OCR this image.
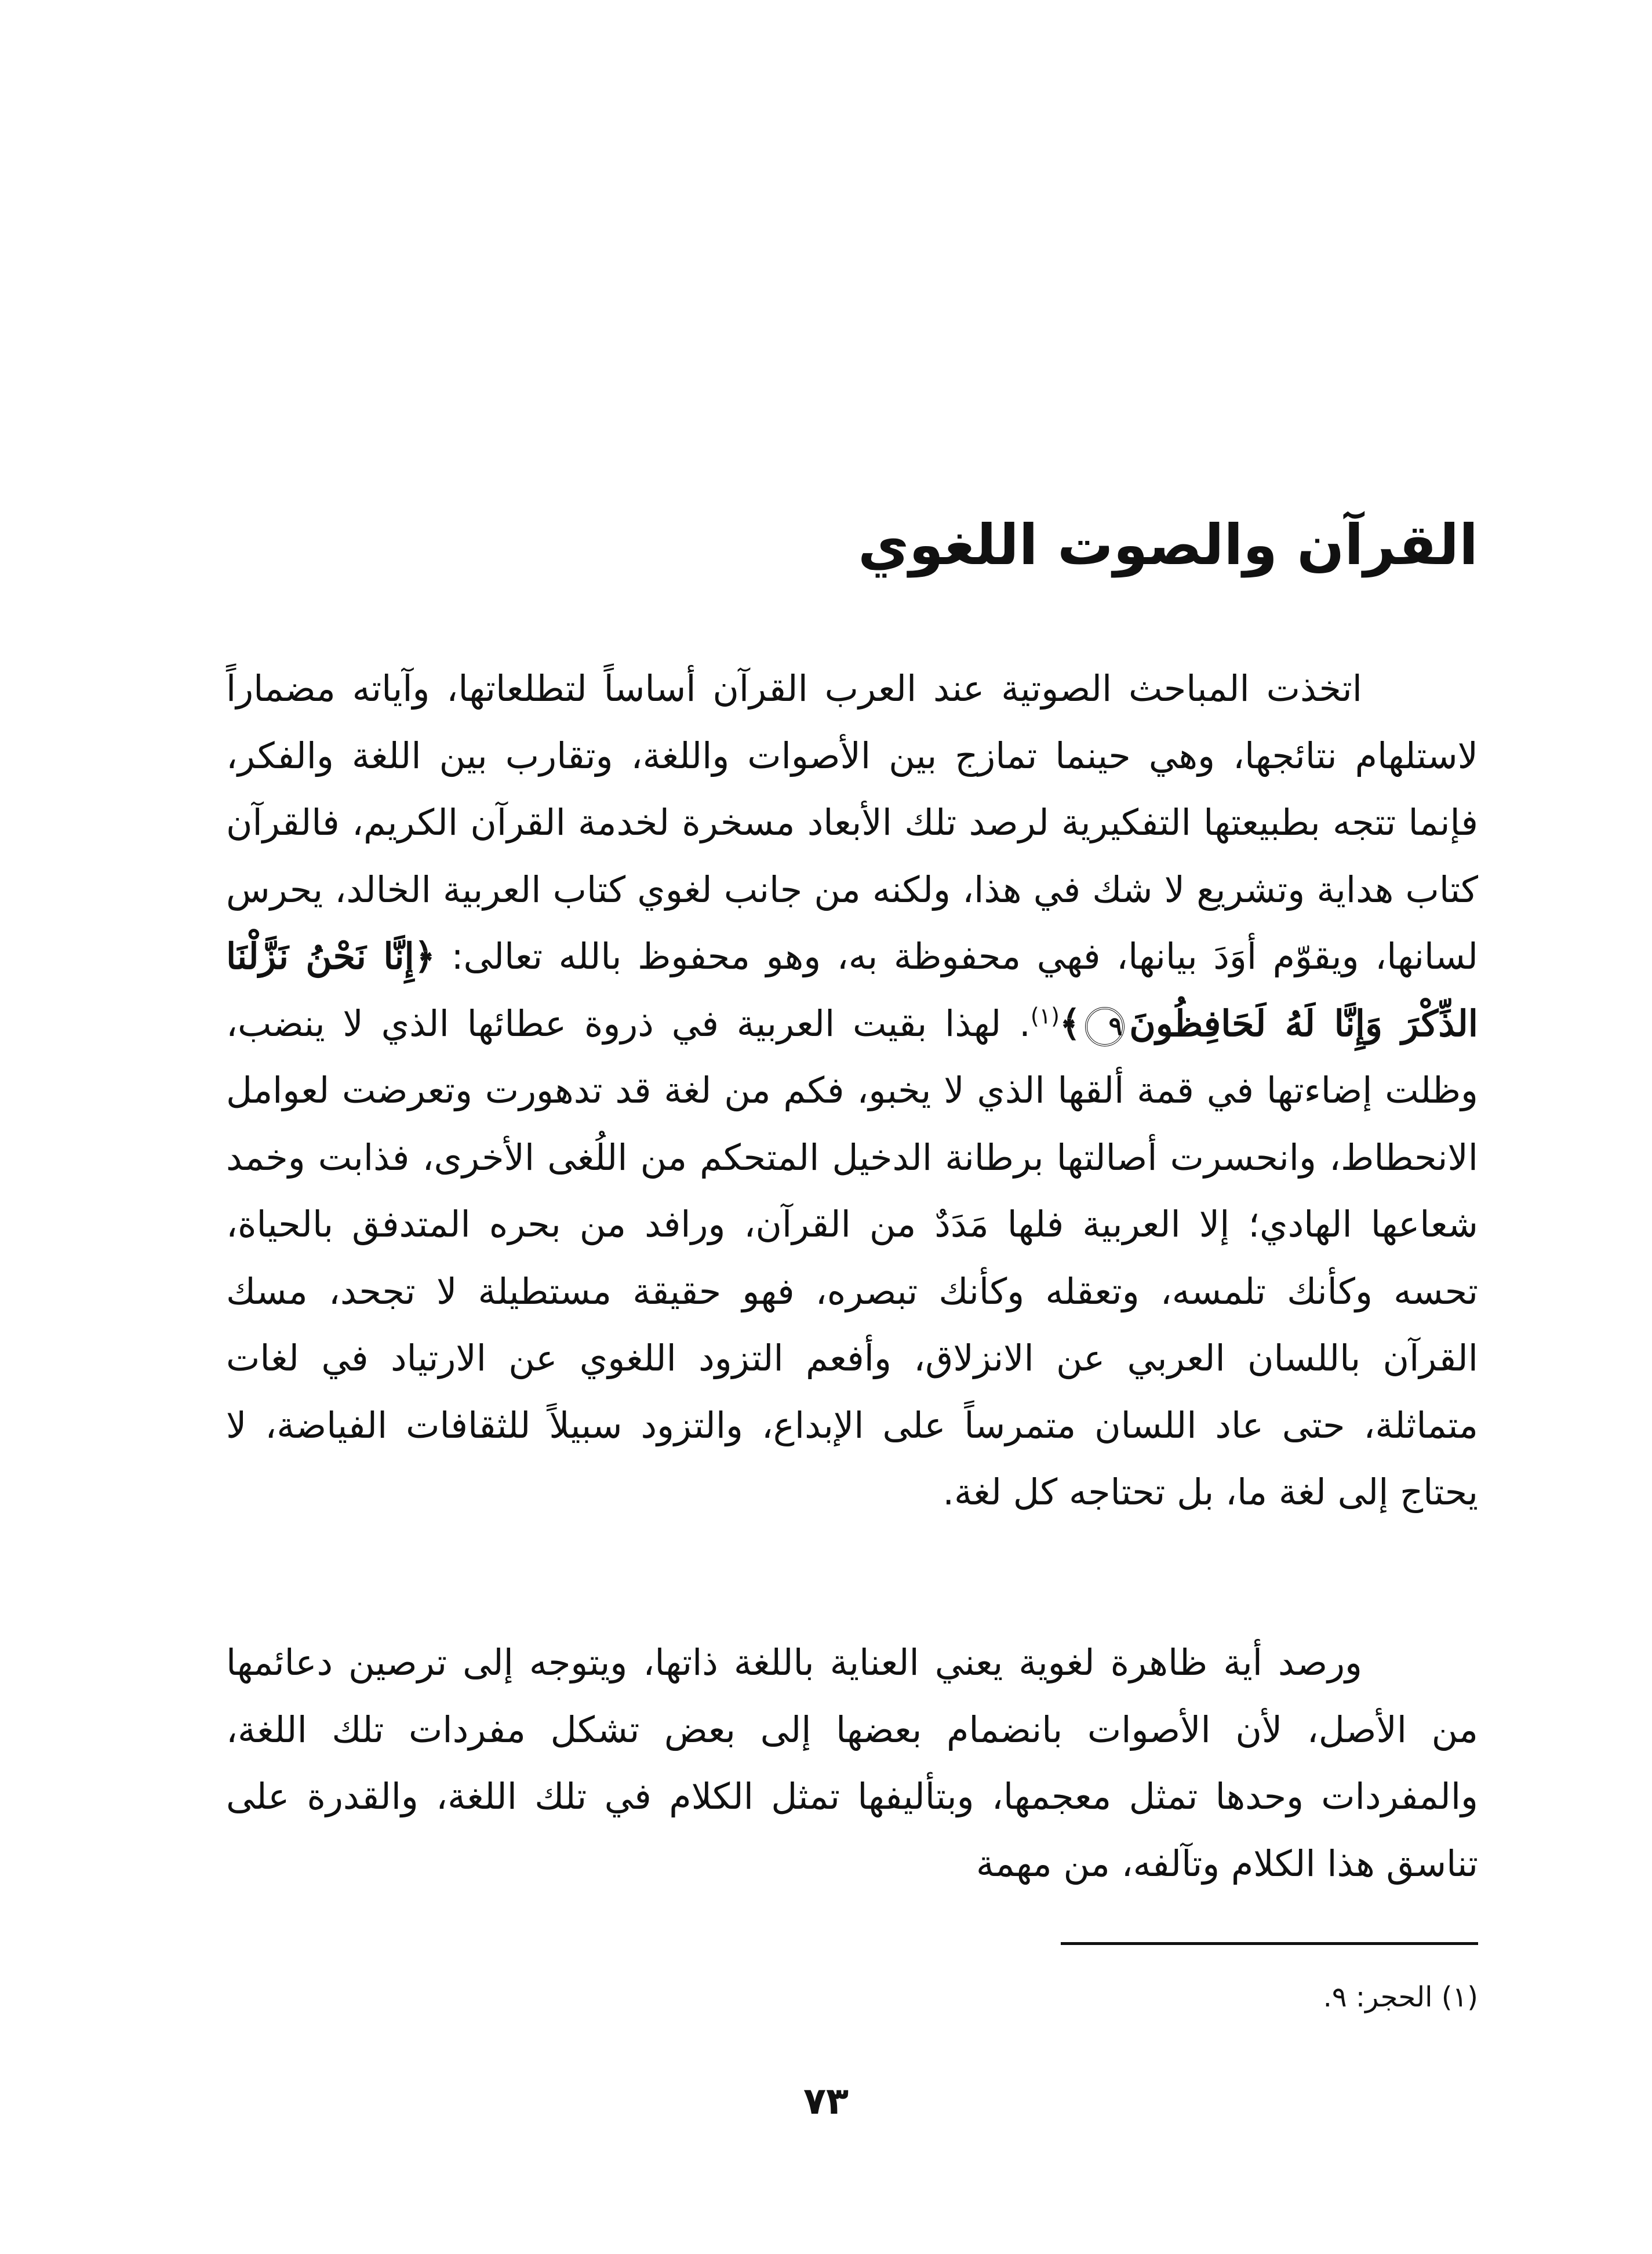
القرآن والصوت اللغوي

اتخذت المباحث الصوتية عند العرب القرآن أساساً لتطلعاتها، وآياته مضماراً لاستلهام نتائجها، وهي حينما تمازج بين الأصوات واللغة، وتقارب بين اللغة والفكر، فإنما تتجه بطبيعتها التفكيرية لرصد تلك الأبعاد مسخرة لخدمة القرآن الكريم، فالقرآن كتاب هداية وتشريع لا شك في هذا، ولكنه من جانب لغوي كتاب العربية الخالد، يحرس لسانها، ويقوّم أوَدَ بيانها، فهي محفوظة به، وهو محفوظ بالله تعالى: ﴿إِنَّا نَحْنُ نَزَّلْنَا الذِّكْرَ وَإِنَّا لَهُ لَحَافِظُونَ٩﴾$^{(١)}$. لهذا بقيت العربية في ذروة عطائها الذي لا ينضب، وظلت إضاءتها في قمة ألقها الذي لا يخبو، فكم من لغة قد تدهورت وتعرضت لعوامل الانحطاط، وانحسرت أصالتها برطانة الدخيل المتحكم من اللُغى الأخرى، فذابت وخمد شعاعها الهادي؛ إلا العربية فلها مَدَدٌ من القرآن، ورافد من بحره المتدفق بالحياة، تحسه وكأنك تلمسه، وتعقله وكأنك تبصره، فهو حقيقة مستطيلة لا تجحد، مسك القرآن باللسان العربي عن الانزلاق، وأفعم التزود اللغوي عن الارتياد في لغات متماثلة، حتى عاد اللسان متمرساً على الإبداع، والتزود سبيلاً للثقافات الفياضة، لا يحتاج إلى لغة ما، بل تحتاجه كل لغة.

ورصد أية ظاهرة لغوية يعني العناية باللغة ذاتها، ويتوجه إلى ترصين دعائمها من الأصل، لأن الأصوات بانضمام بعضها إلى بعض تشكل مفردات تلك اللغة، والمفردات وحدها تمثل معجمها، وبتأليفها تمثل الكلام في تلك اللغة، والقدرة على تناسق هذا الكلام وتآلفه، من مهمة

(١) الحجر: ٩.

٧٣
